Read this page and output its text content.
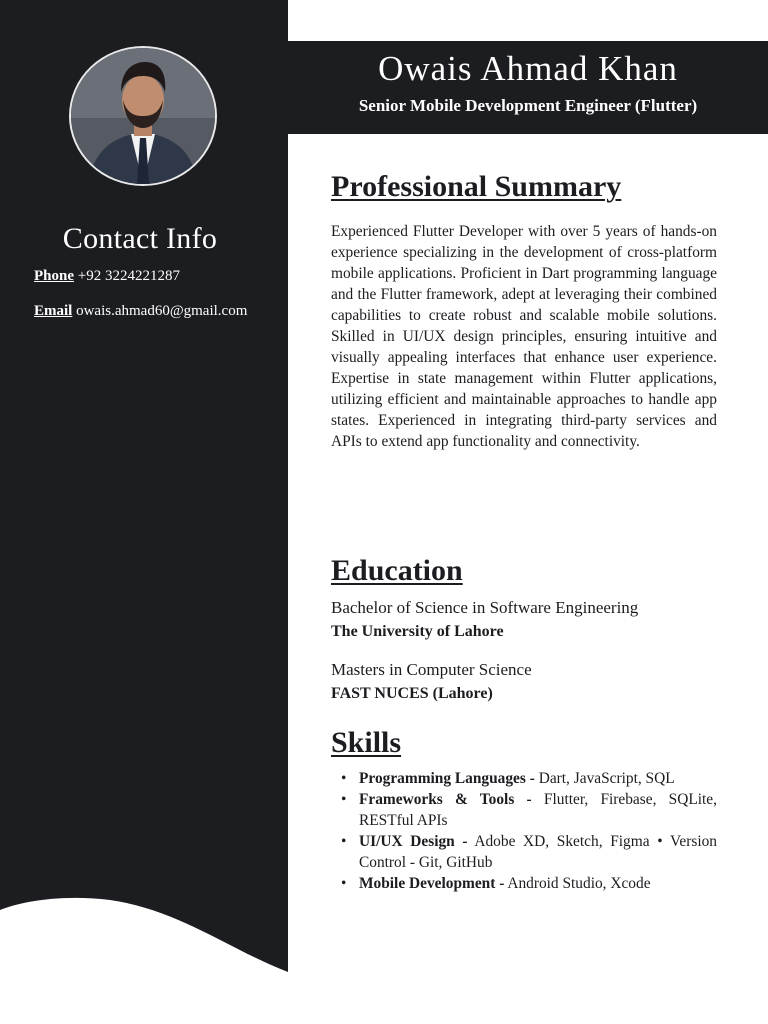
Contact Info
Phone +92 3224221287
Email owais.ahmad60@gmail.com
Owais Ahmad Khan
Senior Mobile Development Engineer (Flutter)
Professional Summary
Experienced Flutter Developer with over 5 years of hands-on experience specializing in the development of cross-platform mobile applications. Proficient in Dart programming language and the Flutter framework, adept at leveraging their combined capabilities to create robust and scalable mobile solutions. Skilled in UI/UX design principles, ensuring intuitive and visually appealing interfaces that enhance user experience. Expertise in state management within Flutter applications, utilizing efficient and maintainable approaches to handle app states. Experienced in integrating third-party services and APIs to extend app functionality and connectivity.
Education
Bachelor of Science in Software Engineering
The University of Lahore
Masters in Computer Science
FAST NUCES (Lahore)
Skills
• Programming Languages - Dart, JavaScript, SQL
• Frameworks & Tools - Flutter, Firebase, SQLite, RESTful APIs
• UI/UX Design - Adobe XD, Sketch, Figma • Version Control - Git, GitHub
• Mobile Development - Android Studio, Xcode
